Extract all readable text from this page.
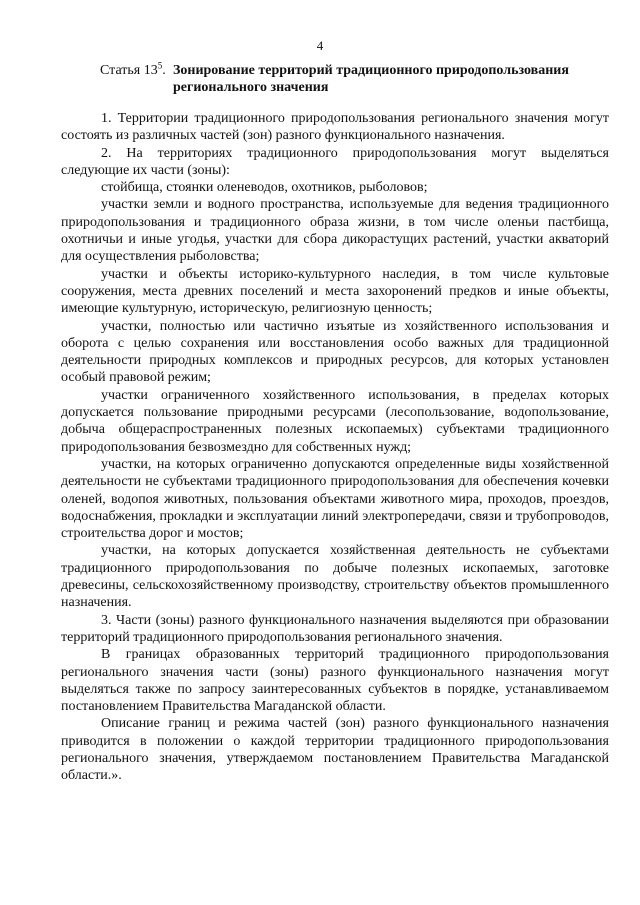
4
Статья $13^5$. Зонирование территорий традиционного природопользования регионального значения

1. Территории традиционного природопользования регионального значения могут состоять из различных частей (зон) разного функционального назначения.

2. На территориях традиционного природопользования могут выделяться следующие их части (зоны):

стойбища, стоянки оленеводов, охотников, рыболовов;

участки земли и водного пространства, используемые для ведения традиционного природопользования и традиционного образа жизни, в том числе оленьи пастбища, охотничьи и иные угодья, участки для сбора дикорастущих растений, участки акваторий для осуществления рыболовства;

участки и объекты историко-культурного наследия, в том числе культовые сооружения, места древних поселений и места захоронений предков и иные объекты, имеющие культурную, историческую, религиозную ценность;

участки, полностью или частично изъятые из хозяйственного использования и оборота с целью сохранения или восстановления особо важных для традиционной деятельности природных комплексов и природных ресурсов, для которых установлен особый правовой режим;

участки ограниченного хозяйственного использования, в пределах которых допускается пользование природными ресурсами (лесопользование, водопользование, добыча общераспространенных полезных ископаемых) субъектами традиционного природопользования безвозмездно для собственных нужд;

участки, на которых ограниченно допускаются определенные виды хозяйственной деятельности не субъектами традиционного природопользования для обеспечения кочевки оленей, водопоя животных, пользования объектами животного мира, проходов, проездов, водоснабжения, прокладки и эксплуатации линий электропередачи, связи и трубопроводов, строительства дорог и мостов;

участки, на которых допускается хозяйственная деятельность не субъектами традиционного природопользования по добыче полезных ископаемых, заготовке древесины, сельскохозяйственному производству, строительству объектов промышленного назначения.

3. Части (зоны) разного функционального назначения выделяются при образовании территорий традиционного природопользования регионального значения.

В границах образованных территорий традиционного природопользования регионального значения части (зоны) разного функционального назначения могут выделяться также по запросу заинтересованных субъектов в порядке, устанавливаемом постановлением Правительства Магаданской области.

Описание границ и режима частей (зон) разного функционального назначения приводится в положении о каждой территории традиционного природопользования регионального значения, утверждаемом постановлением Правительства Магаданской области.».
